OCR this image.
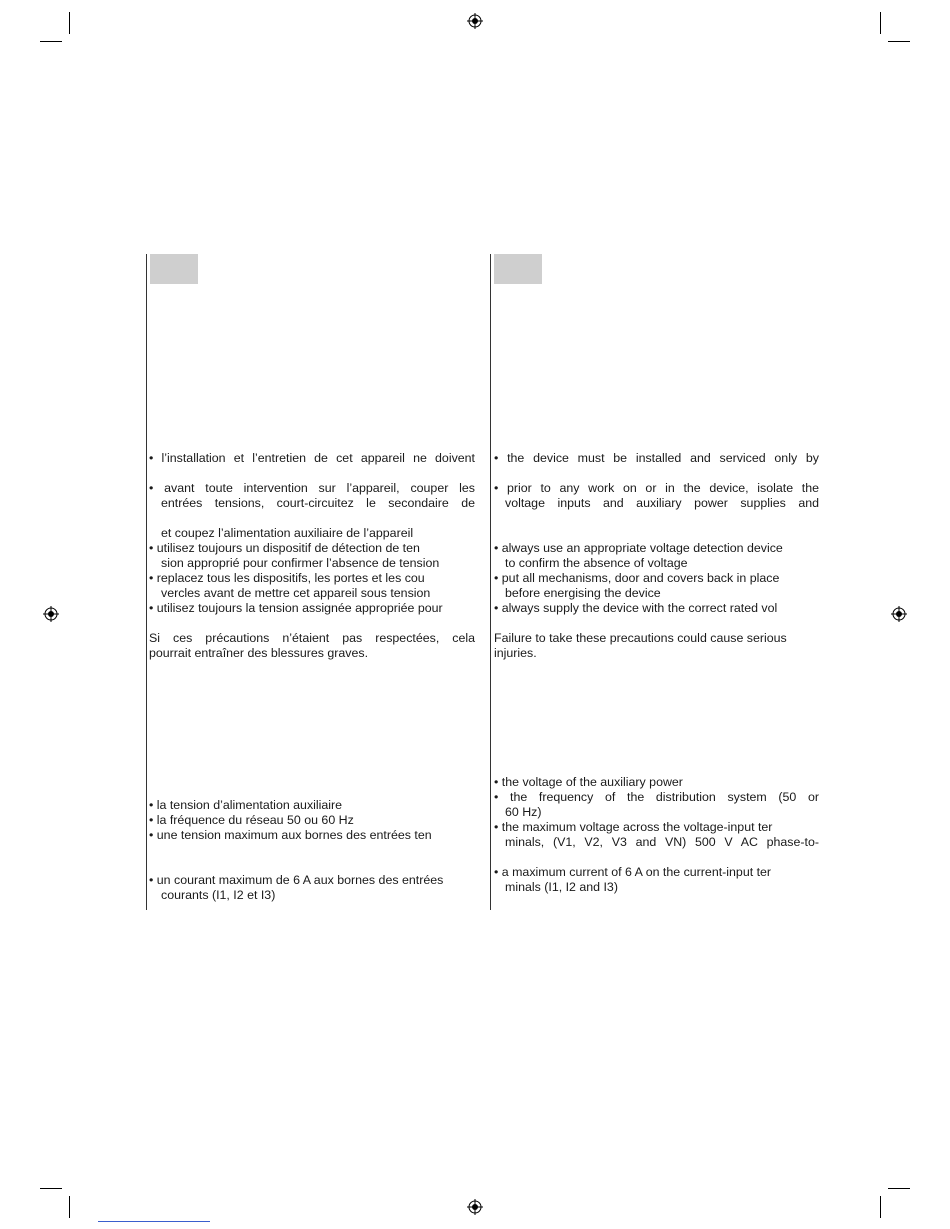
• l’installation et l’entretien de cet appareil ne doivent
• avant toute intervention sur l’appareil, couper les
entrées tensions, court-circuitez le secondaire de
et coupez l’alimentation auxiliaire de l’appareil
• utilisez toujours un dispositif de détection de ten
sion approprié pour confirmer l’absence de tension
• replacez tous les dispositifs, les portes et les cou
vercles avant de mettre cet appareil sous tension
• utilisez toujours la tension assignée appropriée pour
Si ces précautions n’étaient pas respectées, cela
pourrait entraîner des blessures graves.
• la tension d’alimentation auxiliaire
• la fréquence du réseau 50 ou 60 Hz
• une tension maximum aux bornes des entrées ten
• un courant maximum de 6 A aux bornes des entrées
courants (I1, I2 et I3)
• the device must be installed and serviced only by
• prior to any work on or in the device, isolate the
voltage inputs and auxiliary power supplies and
• always use an appropriate voltage detection device
to confirm the absence of voltage
• put all mechanisms, door and covers back in place
before energising the device
• always supply the device with the correct rated vol
Failure to take these precautions could cause serious
injuries.
• the voltage of the auxiliary power
• the frequency of the distribution system (50 or
60 Hz)
• the maximum voltage across the voltage-input ter
minals, (V1, V2, V3 and VN) 500 V AC phase-to-
• a maximum current of 6 A on the current-input ter
minals (I1, I2 and I3)
